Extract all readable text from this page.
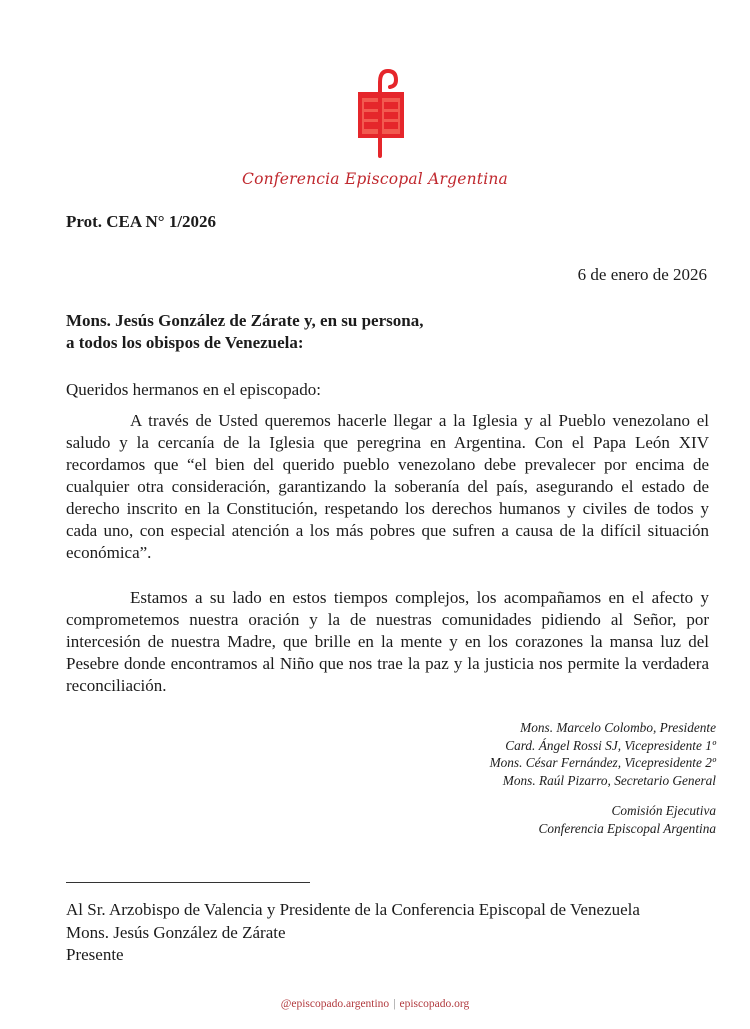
Conferencia Episcopal Argentina
Prot. CEA N° 1/2026
6 de enero de 2026
Mons. Jesús González de Zárate y, en su persona,
a todos los obispos de Venezuela:
Queridos hermanos en el episcopado:

A través de Usted queremos hacerle llegar a la Iglesia y al Pueblo venezolano el saludo y la cercanía de la Iglesia que peregrina en Argentina. Con el Papa León XIV recordamos que “el bien del querido pueblo venezolano debe prevalecer por encima de cualquier otra consideración, garantizando la soberanía del país, asegurando el estado de derecho inscrito en la Constitución, respetando los derechos humanos y civiles de todos y cada uno, con especial atención a los más pobres que sufren a causa de la difícil situación económica”.

Estamos a su lado en estos tiempos complejos, los acompañamos en el afecto y comprometemos nuestra oración y la de nuestras comunidades pidiendo al Señor, por intercesión de nuestra Madre, que brille en la mente y en los corazones la mansa luz del Pesebre donde encontramos al Niño que nos trae la paz y la justicia nos permite la verdadera reconciliación.

Mons. Marcelo Colombo, Presidente
Card. Ángel Rossi SJ, Vicepresidente 1º
Mons. César Fernández, Vicepresidente 2º
Mons. Raúl Pizarro, Secretario General
Comisión Ejecutiva
Conferencia Episcopal Argentina
Al Sr. Arzobispo de Valencia y Presidente de la Conferencia Episcopal de Venezuela
Mons. Jesús González de Zárate
Presente
@episcopado.argentino | episcopado.org
